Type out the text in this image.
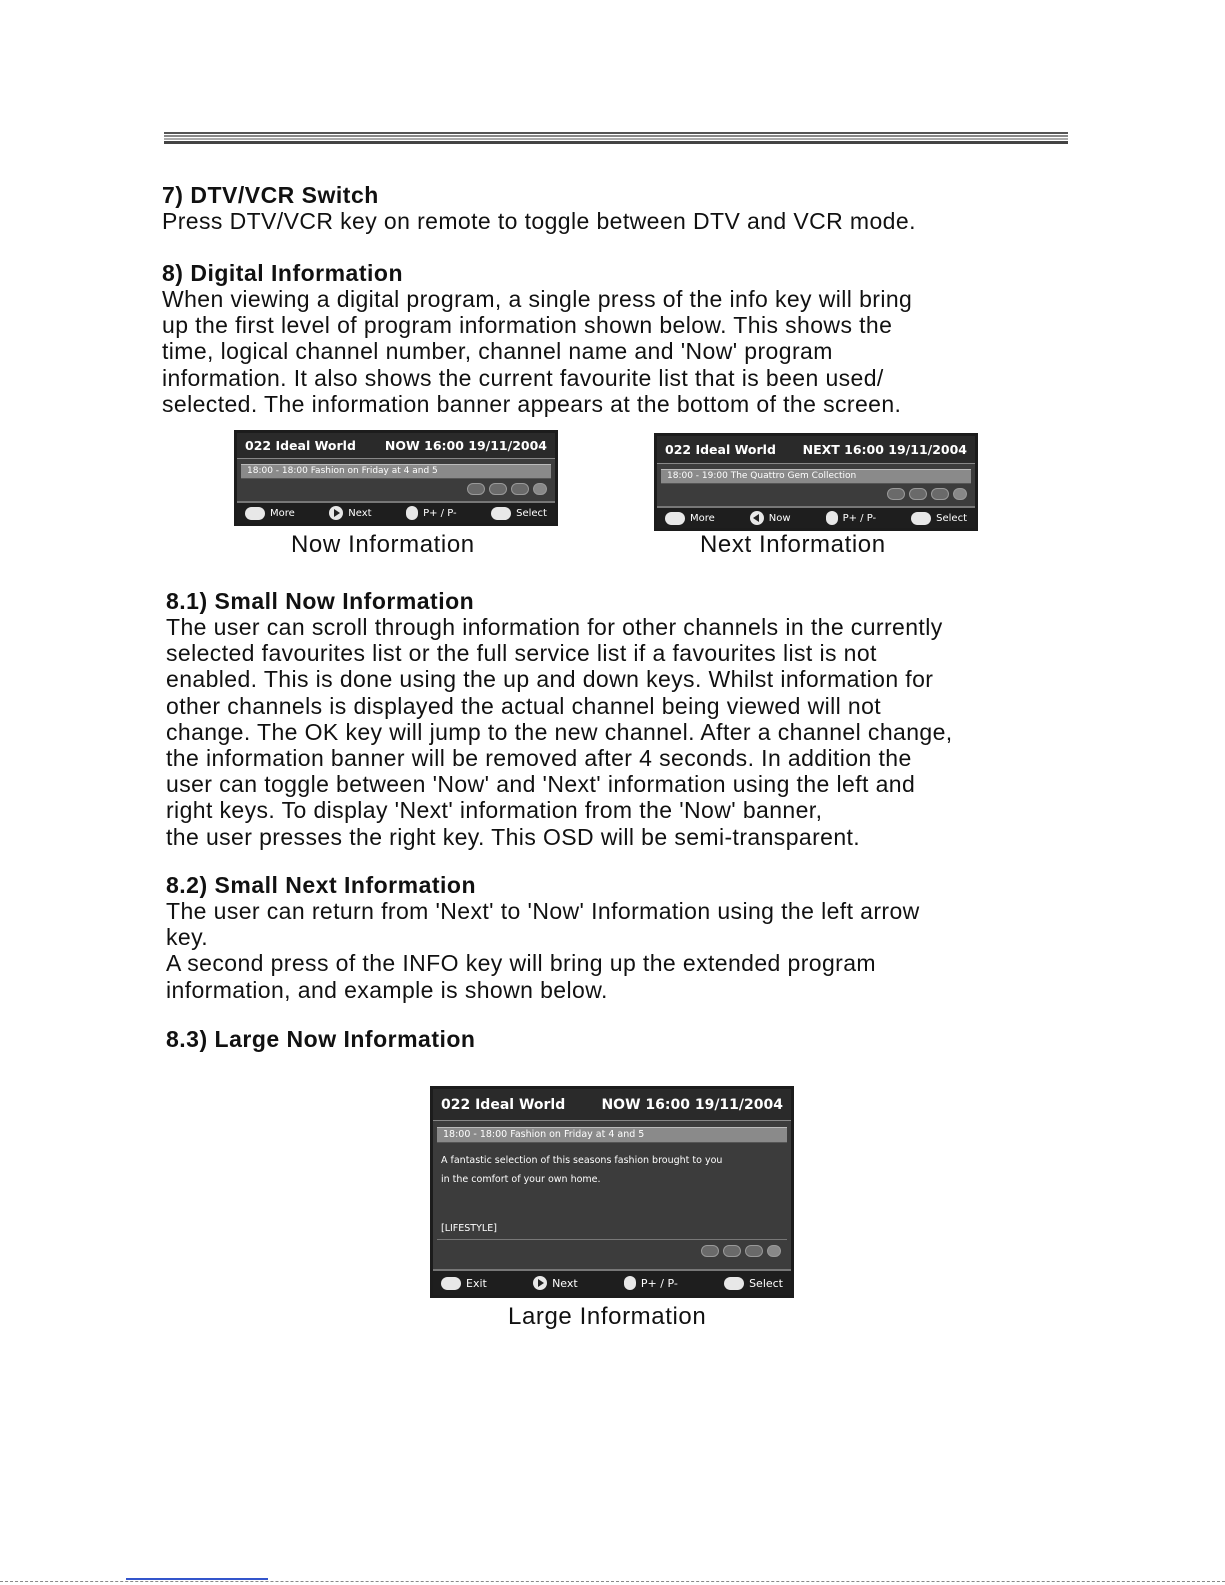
7) DTV/VCR Switch
Press DTV/VCR key on remote to toggle between DTV and VCR mode.
8) Digital Information
When viewing a digital program, a single press of the info key will bring
up the first level of program information shown below. This shows the
time, logical channel number, channel name and 'Now' program
information. It also shows the current favourite list that is been used/
selected. The information banner appears at the bottom of the screen.
022 Ideal World NOW 16:00 19/11/2004
18:00 - 18:00 Fashion on Friday at 4 and 5
More	Next	P+ / P-	Select
Now Information
022 Ideal World NEXT 16:00 19/11/2004
18:00 - 19:00 The Quattro Gem Collection
More	Now	P+ / P-	Select
Next Information
8.1) Small Now Information
The user can scroll through information for other channels in the currently
selected favourites list or the full service list if a favourites list is not
enabled. This is done using the up and down keys. Whilst information for
other channels is displayed the actual channel being viewed will not
change. The OK key will jump to the new channel. After a channel change,
the information banner will be removed after 4 seconds. In addition the
user can toggle between 'Now' and 'Next' information using the left and
right keys. To display 'Next' information from the 'Now' banner,
the user presses the right key. This OSD will be semi-transparent.
8.2) Small Next Information
The user can return from 'Next' to 'Now' Information using the left arrow
key.
A second press of the INFO key will bring up the extended program
information, and example is shown below.
8.3) Large Now Information
022 Ideal World	NOW 16:00 19/11/2004
18:00 - 18:00 Fashion on Friday at 4 and 5
A fantastic selection of this seasons fashion brought to you
in the comfort of your own home.
[LIFESTYLE]
Exit	Next	P+ / P-	Select
Large Information
